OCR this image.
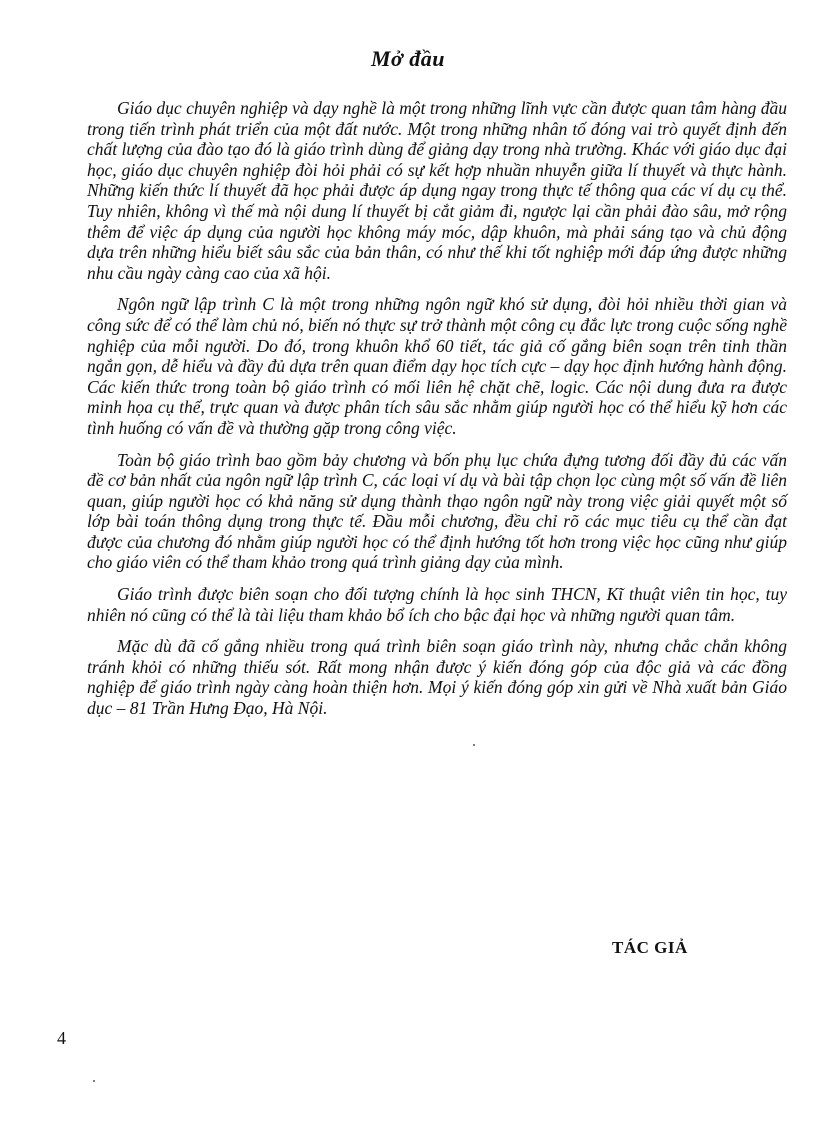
Mở đầu

Giáo dục chuyên nghiệp và dạy nghề là một trong những lĩnh vực cần được quan tâm hàng đầu trong tiến trình phát triển của một đất nước. Một trong những nhân tố đóng vai trò quyết định đến chất lượng của đào tạo đó là giáo trình dùng để giảng dạy trong nhà trường. Khác với giáo dục đại học, giáo dục chuyên nghiệp đòi hỏi phải có sự kết hợp nhuần nhuyễn giữa lí thuyết và thực hành. Những kiến thức lí thuyết đã học phải được áp dụng ngay trong thực tế thông qua các ví dụ cụ thể. Tuy nhiên, không vì thế mà nội dung lí thuyết bị cắt giảm đi, ngược lại cần phải đào sâu, mở rộng thêm để việc áp dụng của người học không máy móc, dập khuôn, mà phải sáng tạo và chủ động dựa trên những hiểu biết sâu sắc của bản thân, có như thế khi tốt nghiệp mới đáp ứng được những nhu cầu ngày càng cao của xã hội.

Ngôn ngữ lập trình C là một trong những ngôn ngữ khó sử dụng, đòi hỏi nhiều thời gian và công sức để có thể làm chủ nó, biến nó thực sự trở thành một công cụ đắc lực trong cuộc sống nghề nghiệp của mỗi người. Do đó, trong khuôn khổ 60 tiết, tác giả cố gắng biên soạn trên tinh thần ngắn gọn, dễ hiểu và đầy đủ dựa trên quan điểm dạy học tích cực – dạy học định hướng hành động. Các kiến thức trong toàn bộ giáo trình có mối liên hệ chặt chẽ, logic. Các nội dung đưa ra được minh họa cụ thể, trực quan và được phân tích sâu sắc nhằm giúp người học có thể hiểu kỹ hơn các tình huống có vấn đề và thường gặp trong công việc.

Toàn bộ giáo trình bao gồm bảy chương và bốn phụ lục chứa đựng tương đối đầy đủ các vấn đề cơ bản nhất của ngôn ngữ lập trình C, các loại ví dụ và bài tập chọn lọc cùng một số vấn đề liên quan, giúp người học có khả năng sử dụng thành thạo ngôn ngữ này trong việc giải quyết một số lớp bài toán thông dụng trong thực tế. Đầu mỗi chương, đều chỉ rõ các mục tiêu cụ thể cần đạt được của chương đó nhằm giúp người học có thể định hướng tốt hơn trong việc học cũng như giúp cho giáo viên có thể tham khảo trong quá trình giảng dạy của mình.

Giáo trình được biên soạn cho đối tượng chính là học sinh THCN, Kĩ thuật viên tin học, tuy nhiên nó cũng có thể là tài liệu tham khảo bổ ích cho bậc đại học và những người quan tâm.

Mặc dù đã cố gắng nhiều trong quá trình biên soạn giáo trình này, nhưng chắc chắn không tránh khỏi có những thiếu sót. Rất mong nhận được ý kiến đóng góp của độc giả và các đồng nghiệp để giáo trình ngày càng hoàn thiện hơn. Mọi ý kiến đóng góp xin gửi về Nhà xuất bản Giáo dục – 81 Trần Hưng Đạo, Hà Nội.

TÁC GIẢ
4
